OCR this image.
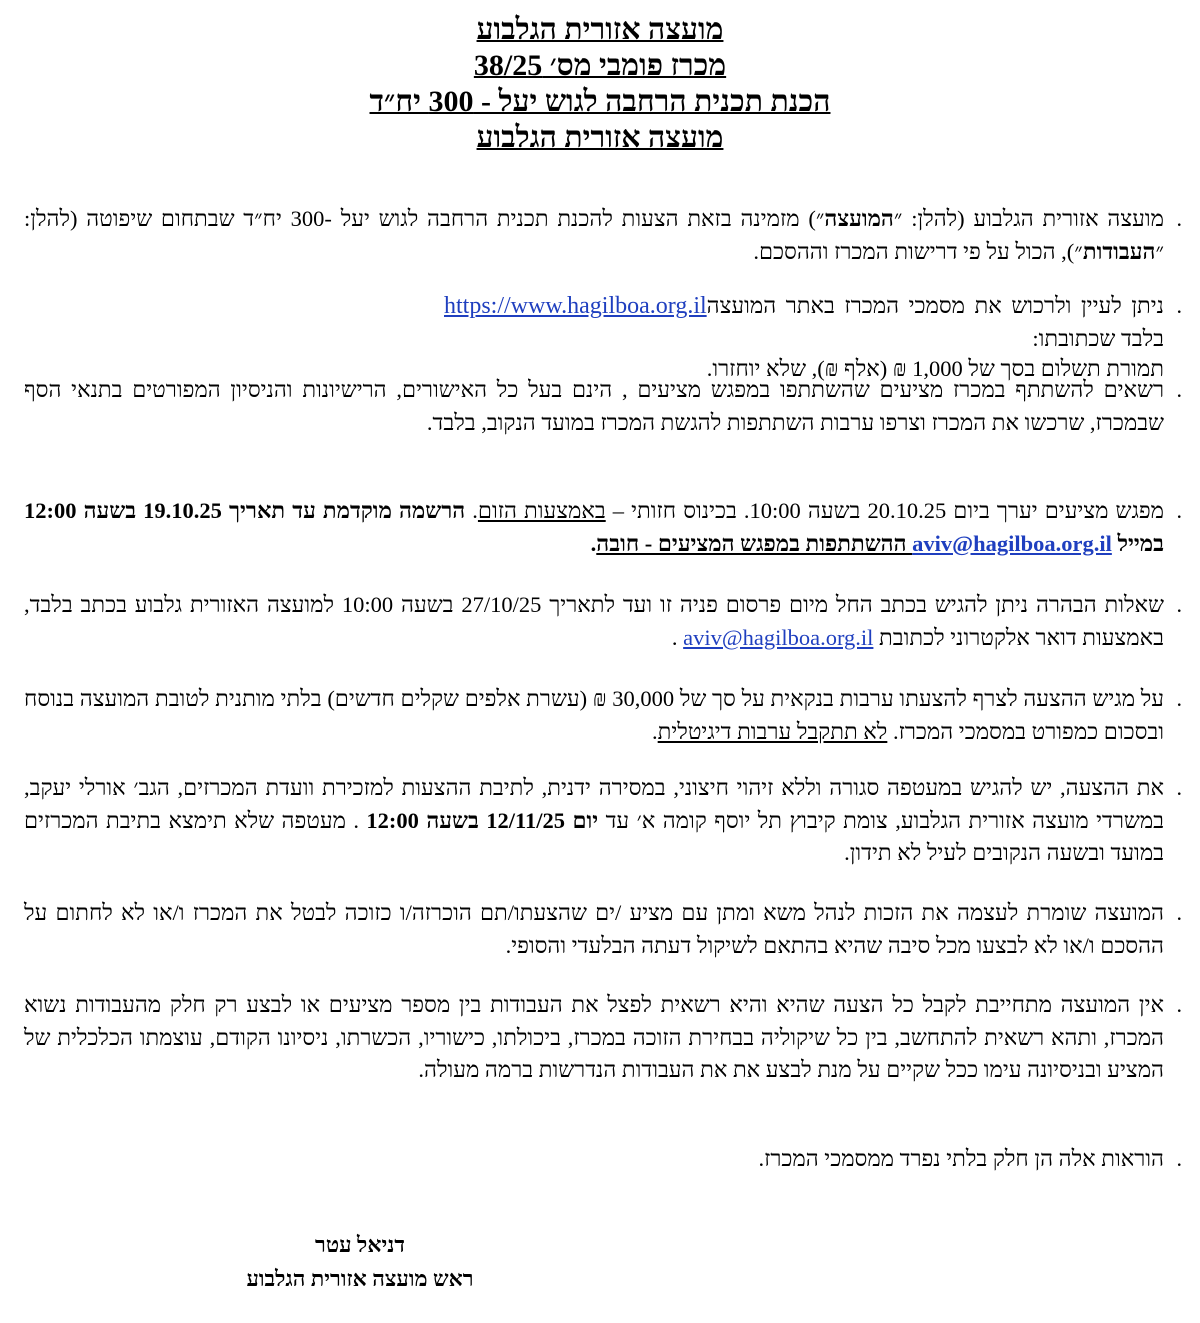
מועצה אזורית הגלבוע
מכרז פומבי מס׳ 38/25
הכנת תכנית הרחבה לגוש יעל - 300 יח״ד
מועצה אזורית הגלבוע
.
מועצה אזורית הגלבוע (להלן: ״המועצה״) מזמינה בזאת הצעות להכנת תכנית הרחבה לגוש יעל -300 יח״ד שבתחום שיפוטה (להלן: ״העבודות״), הכול על פי דרישות המכרז וההסכם.
.
ניתן לעיין ולרכוש את מסמכי המכרז באתר המועצה בלבד שכתובתו:
https://www.hagilboa.org.il
תמורת תשלום בסך של 1,000 ₪ (אלף ₪), שלא יוחזרו.
.
רשאים להשתתף במכרז מציעים שהשתתפו במפגש מציעים , הינם בעל כל האישורים, הרישיונות והניסיון המפורטים בתנאי הסף שבמכרז, שרכשו את המכרז וצרפו ערבות השתתפות להגשת המכרז במועד הנקוב, בלבד.
.
מפגש מציעים יערך ביום 20.10.25 בשעה 10:00. בכינוס חזותי – באמצעות הזום. הרשמה מוקדמת עד תאריך 19.10.25 בשעה 12:00 במייל aviv@hagilboa.org.il ההשתתפות במפגש המציעים - חובה.
.
שאלות הבהרה ניתן להגיש בכתב החל מיום פרסום פניה זו ועד לתאריך 27/10/25 בשעה 10:00 למועצה האזורית גלבוע בכתב בלבד, באמצעות דואר אלקטרוני לכתובת aviv@hagilboa.org.il .
.
על מגיש ההצעה לצרף להצעתו ערבות בנקאית על סך של 30,000 ₪ (עשרת אלפים שקלים חדשים) בלתי מותנית לטובת המועצה בנוסח ובסכום כמפורט במסמכי המכרז. לא תתקבל ערבות דיגיטלית.
.
את ההצעה, יש להגיש במעטפה סגורה וללא זיהוי חיצוני, במסירה ידנית, לתיבת ההצעות למזכירת וועדת המכרזים, הגב׳ אורלי יעקב, במשרדי מועצה אזורית הגלבוע, צומת קיבוץ תל יוסף קומה א׳ עד יום 12/11/25 בשעה 12:00 . מעטפה שלא תימצא בתיבת המכרזים במועד ובשעה הנקובים לעיל לא תידון.
.
המועצה שומרת לעצמה את הזכות לנהל משא ומתן עם מציע /ים שהצעתו/תם הוכרזה/ו כזוכה לבטל את המכרז ו/או לא לחתום על ההסכם ו/או לא לבצעו מכל סיבה שהיא בהתאם לשיקול דעתה הבלעדי והסופי.
.
אין המועצה מתחייבת לקבל כל הצעה שהיא והיא רשאית לפצל את העבודות בין מספר מציעים או לבצע רק חלק מהעבודות נשוא המכרז, ותהא רשאית להתחשב, בין כל שיקוליה בבחירת הזוכה במכרז, ביכולתו, כישוריו, הכשרתו, ניסיונו הקודם, עוצמתו הכלכלית של המציע ובניסיונה עימו ככל שקיים על מנת לבצע את את העבודות הנדרשות ברמה מעולה.
.
הוראות אלה הן חלק בלתי נפרד ממסמכי המכרז.
דניאל עטר
ראש מועצה אזורית הגלבוע
